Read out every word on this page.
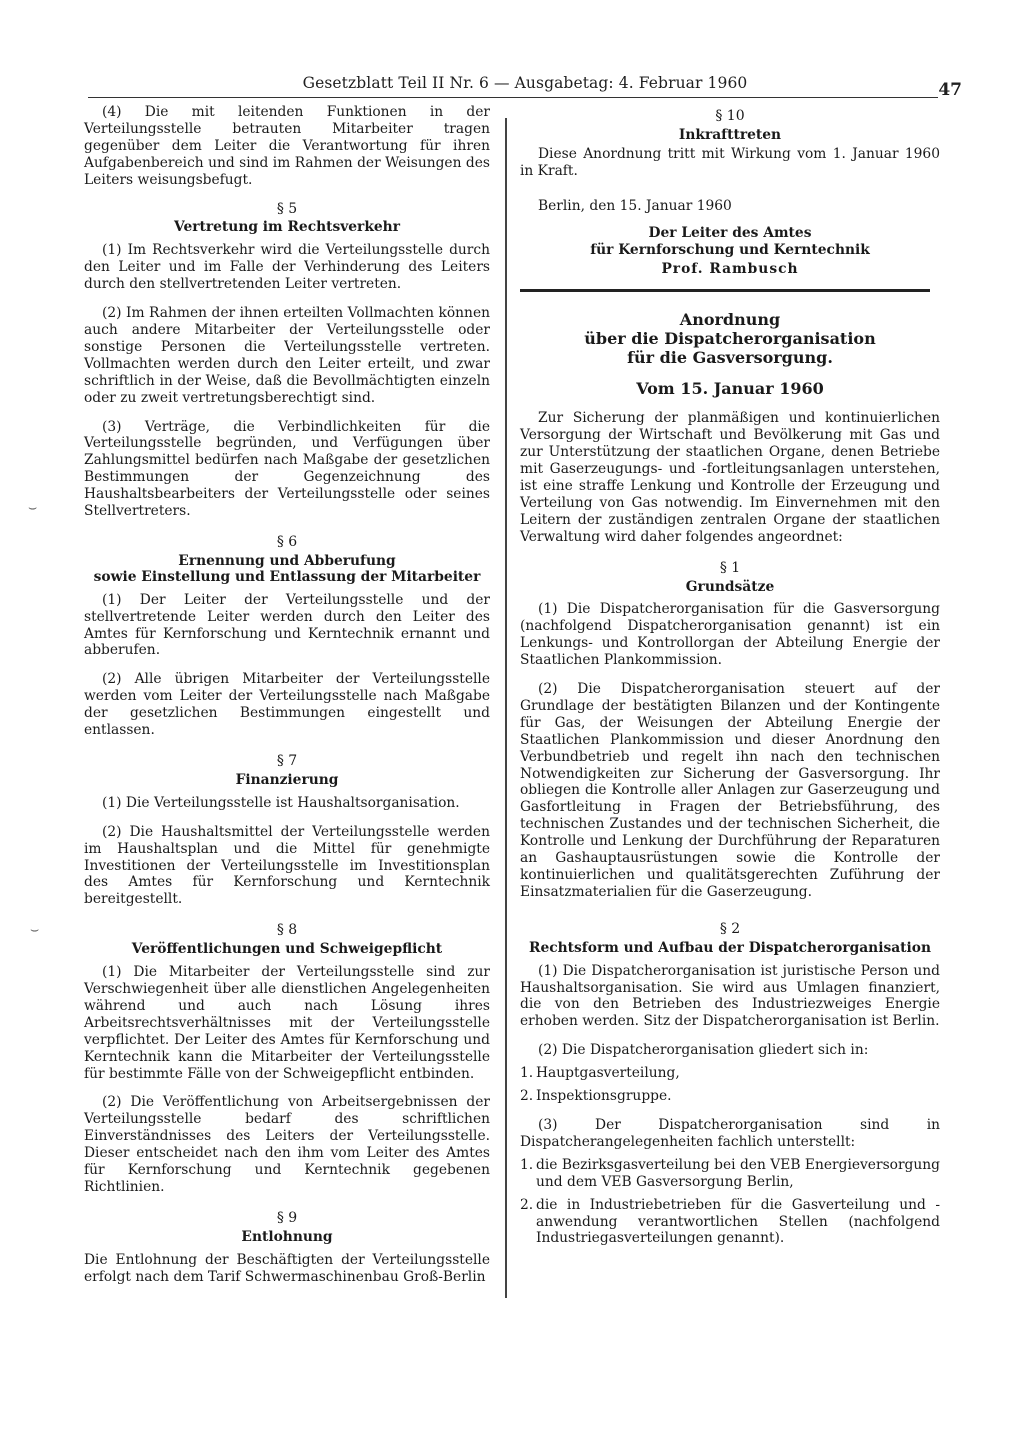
Gesetzblatt Teil II Nr. 6 — Ausgabetag: 4. Februar 1960	47
⌣
⌣

(4) Die mit leitenden Funktionen in der Verteilungsstelle betrauten Mitarbeiter tragen gegenüber dem Leiter die Verantwortung für ihren Aufgabenbereich und sind im Rahmen der Weisungen des Leiters weisungsbefugt.

§ 5
Vertretung im Rechtsverkehr

(1) Im Rechtsverkehr wird die Verteilungsstelle durch den Leiter und im Falle der Verhinderung des Leiters durch den stellvertretenden Leiter vertreten.

(2) Im Rahmen der ihnen erteilten Vollmachten können auch andere Mitarbeiter der Verteilungsstelle oder sonstige Personen die Verteilungsstelle vertreten. Vollmachten werden durch den Leiter erteilt, und zwar schriftlich in der Weise, daß die Bevollmächtigten einzeln oder zu zweit vertretungsberechtigt sind.

(3) Verträge, die Verbindlichkeiten für die Verteilungsstelle begründen, und Verfügungen über Zahlungsmittel bedürfen nach Maßgabe der gesetzlichen Bestimmungen der Gegenzeichnung des Haushaltsbearbeiters der Verteilungsstelle oder seines Stellvertreters.

§ 6
Ernennung und Abberufung
sowie Einstellung und Entlassung der Mitarbeiter

(1) Der Leiter der Verteilungsstelle und der stellvertretende Leiter werden durch den Leiter des Amtes für Kernforschung und Kerntechnik ernannt und abberufen.

(2) Alle übrigen Mitarbeiter der Verteilungsstelle werden vom Leiter der Verteilungsstelle nach Maßgabe der gesetzlichen Bestimmungen eingestellt und entlassen.

§ 7
Finanzierung

(1) Die Verteilungsstelle ist Haushaltsorganisation.

(2) Die Haushaltsmittel der Verteilungsstelle werden im Haushaltsplan und die Mittel für genehmigte Investitionen der Verteilungsstelle im Investitionsplan des Amtes für Kernforschung und Kerntechnik bereitgestellt.

§ 8
Veröffentlichungen und Schweigepflicht

(1) Die Mitarbeiter der Verteilungsstelle sind zur Verschwiegenheit über alle dienstlichen Angelegenheiten während und auch nach Lösung ihres Arbeitsrechtsverhältnisses mit der Verteilungsstelle verpflichtet. Der Leiter des Amtes für Kernforschung und Kerntechnik kann die Mitarbeiter der Verteilungsstelle für bestimmte Fälle von der Schweigepflicht entbinden.

(2) Die Veröffentlichung von Arbeitsergebnissen der Verteilungsstelle bedarf des schriftlichen Einverständnisses des Leiters der Verteilungsstelle. Dieser entscheidet nach den ihm vom Leiter des Amtes für Kernforschung und Kerntechnik gegebenen Richtlinien.

§ 9
Entlohnung

Die Entlohnung der Beschäftigten der Verteilungsstelle erfolgt nach dem Tarif Schwermaschinenbau Groß-Berlin

§ 10
Inkrafttreten

Diese Anordnung tritt mit Wirkung vom 1. Januar 1960 in Kraft.

Berlin, den 15. Januar 1960

Der Leiter des Amtes
für Kernforschung und Kerntechnik
Prof. Rambusch
Anordnung
über die Dispatcherorganisation
für die Gasversorgung.
Vom 15. Januar 1960

Zur Sicherung der planmäßigen und kontinuierlichen Versorgung der Wirtschaft und Bevölkerung mit Gas und zur Unterstützung der staatlichen Organe, denen Betriebe mit Gaserzeugungs- und -fortleitungsanlagen unterstehen, ist eine straffe Lenkung und Kontrolle der Erzeugung und Verteilung von Gas notwendig. Im Einvernehmen mit den Leitern der zuständigen zentralen Organe der staatlichen Verwaltung wird daher folgendes angeordnet:

§ 1
Grundsätze

(1) Die Dispatcherorganisation für die Gasversorgung (nachfolgend Dispatcherorganisation genannt) ist ein Lenkungs- und Kontrollorgan der Abteilung Energie der Staatlichen Plankommission.

(2) Die Dispatcherorganisation steuert auf der Grundlage der bestätigten Bilanzen und der Kontingente für Gas, der Weisungen der Abteilung Energie der Staatlichen Plankommission und dieser Anordnung den Verbundbetrieb und regelt ihn nach den technischen Notwendigkeiten zur Sicherung der Gasversorgung. Ihr obliegen die Kontrolle aller Anlagen zur Gaserzeugung und Gasfortleitung in Fragen der Betriebsführung, des technischen Zustandes und der technischen Sicherheit, die Kontrolle und Lenkung der Durchführung der Reparaturen an Gashauptausrüstungen sowie die Kontrolle der kontinuierlichen und qualitätsgerechten Zuführung der Einsatzmaterialien für die Gaserzeugung.

§ 2
Rechtsform und Aufbau der Dispatcherorganisation

(1) Die Dispatcherorganisation ist juristische Person und Haushaltsorganisation. Sie wird aus Umlagen finanziert, die von den Betrieben des Industriezweiges Energie erhoben werden. Sitz der Dispatcherorganisation ist Berlin.

(2) Die Dispatcherorganisation gliedert sich in:

1. Hauptgasverteilung,
2. Inspektionsgruppe.

(3) Der Dispatcherorganisation sind in Dispatcherangelegenheiten fachlich unterstellt:

1. die Bezirksgasverteilung bei den VEB Energieversorgung und dem VEB Gasversorgung Berlin,
2. die in Industriebetrieben für die Gasverteilung und -anwendung verantwortlichen Stellen (nachfolgend Industriegasverteilungen genannt).
